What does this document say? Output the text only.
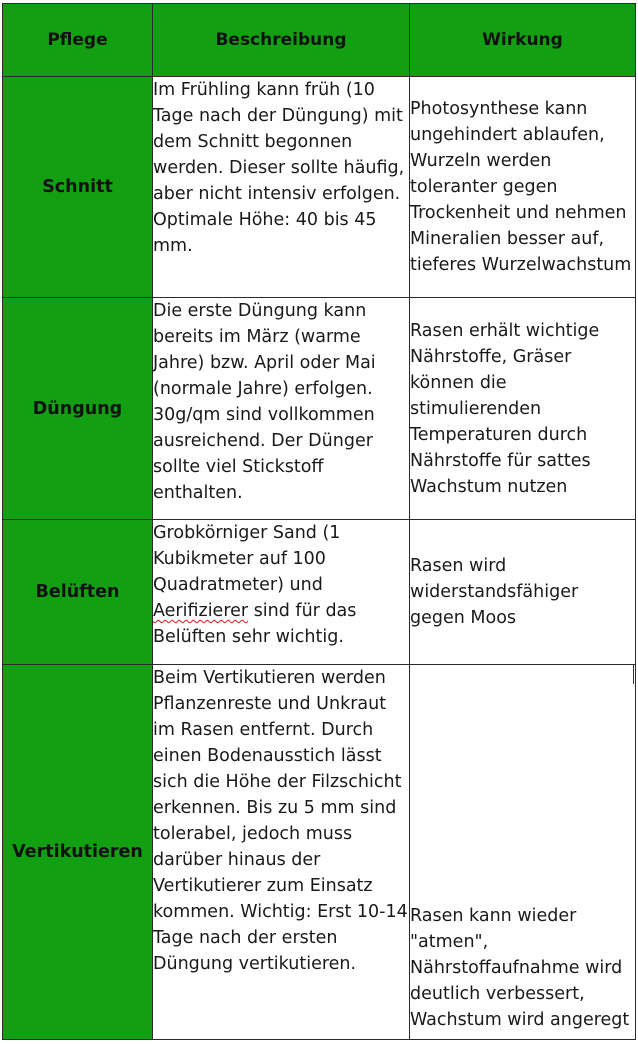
Pflege	Beschreibung	Wirkung
Schnitt	Im Frühling kann früh (10 Tage nach der Düngung) mit dem Schnitt begonnen werden. Dieser sollte häufig, aber nicht intensiv erfolgen. Optimale Höhe: 40 bis 45 mm.	Photosynthese kann ungehindert ablaufen, Wurzeln werden toleranter gegen Trockenheit und nehmen Mineralien besser auf, tieferes Wurzelwachstum
Düngung	Die erste Düngung kann bereits im März (warme Jahre) bzw. April oder Mai (normale Jahre) erfolgen. 30g/qm sind vollkommen ausreichend. Der Dünger sollte viel Stickstoff enthalten.	Rasen erhält wichtige Nährstoffe, Gräser können die stimulierenden Temperaturen durch Nährstoffe für sattes Wachstum nutzen
Belüften	Grobkörniger Sand (1 Kubikmeter auf 100 Quadratmeter) und Aerifizierer sind für das Belüften sehr wichtig.	Rasen wird widerstandsfähiger gegen Moos
Vertikutieren	Beim Vertikutieren werden Pflanzenreste und Unkraut im Rasen entfernt. Durch einen Bodenausstich lässt sich die Höhe der Filzschicht erkennen. Bis zu 5 mm sind tolerabel, jedoch muss darüber hinaus der Vertikutierer zum Einsatz kommen. Wichtig: Erst 10-14 Tage nach der ersten Düngung vertikutieren.	Rasen kann wieder "atmen", Nährstoffaufnahme wird deutlich verbessert, Wachstum wird angeregt
